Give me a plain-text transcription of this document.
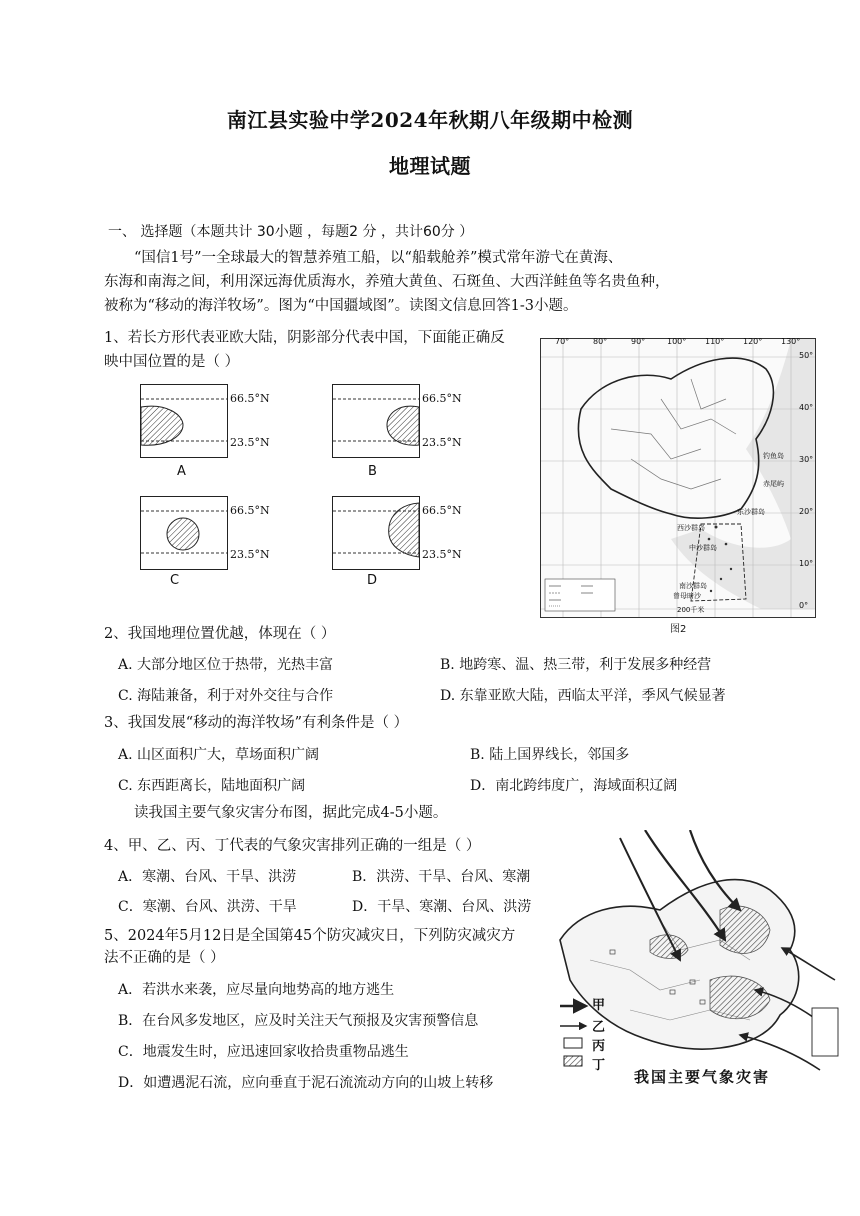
南江县实验中学2024年秋期八年级期中检测
地理试题
一、 选择题（本题共计 30小题 ，每题2 分 ，共计60分 ）
“国信1号”一全球最大的智慧养殖工船，以“船载舱养”模式常年游弋在黄海、
东海和南海之间，利用深远海优质海水，养殖大黄鱼、石斑鱼、大西洋鲑鱼等名贵鱼种，
被称为“移动的海洋牧场”。图为“中国疆域图”。读图文信息回答1-3小题。
1、若长方形代表亚欧大陆，阴影部分代表中国，下面能正确反
映中国位置的是（ ）
66.5°N
23.5°N
A
66.5°N
23.5°N
B
66.5°N
23.5°N
C
66.5°N
23.5°N
D
70°	80°	90°	100° 110° 120° 130°
50°
40°
30°
20°
10°
0°
钓鱼岛
赤尾屿
东沙群岛
西沙群岛
中沙群岛
南沙群岛
曾母暗沙
200千米
图2
2、我国地理位置优越，体现在（ ）
A. 大部分地区位于热带，光热丰富	B. 地跨寒、温、热三带，利于发展多种经营
C. 海陆兼备，利于对外交往与合作	D. 东靠亚欧大陆，西临太平洋，季风气候显著
3、我国发展“移动的海洋牧场”有利条件是（ ）
A. 山区面积广大，草场面积广阔	B. 陆上国界线长，邻国多
C. 东西距离长，陆地面积广阔	D．南北跨纬度广，海域面积辽阔
读我国主要气象灾害分布图，据此完成4-5小题。
4、甲、乙、丙、丁代表的气象灾害排列正确的一组是（ ）
A．寒潮、台风、干旱、洪涝	B．洪涝、干旱、台风、寒潮
C．寒潮、台风、洪涝、干旱	D．干旱、寒潮、台风、洪涝
5、2024年5月12日是全国第45个防灾减灾日，下列防灾减灾方
法不正确的是（ ）
A．若洪水来袭，应尽量向地势高的地方逃生
B．在台风多发地区，应及时关注天气预报及灾害预警信息
C．地震发生时，应迅速回家收拾贵重物品逃生
D．如遭遇泥石流，应向垂直于泥石流流动方向的山坡上转移
甲
乙
丙
丁
我国主要气象灾害
